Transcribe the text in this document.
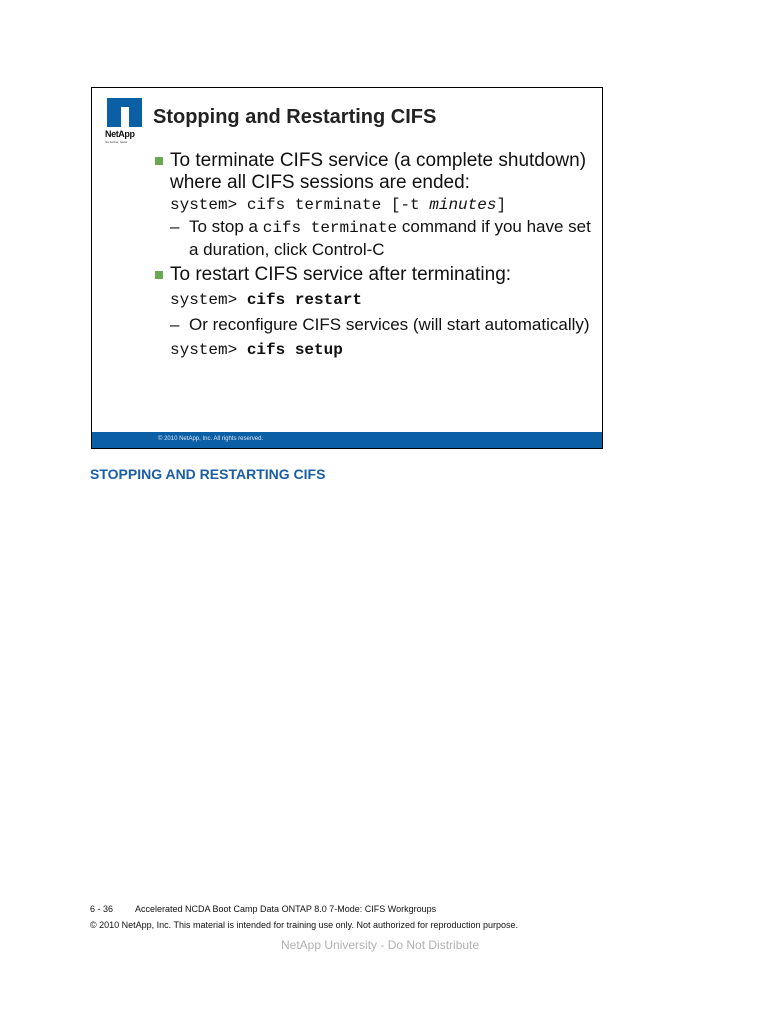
NetApp
Go further, faster
Stopping and Restarting CIFS
To terminate CIFS service (a complete shutdown) where all CIFS sessions are ended:
system> cifs terminate [-t minutes]
– To stop a cifs terminate command if you have set a duration, click Control-C
To restart CIFS service after terminating:
system> cifs restart
– Or reconfigure CIFS services (will start automatically)
system> cifs setup
© 2010 NetApp, Inc. All rights reserved.
STOPPING AND RESTARTING CIFS
6 - 36 Accelerated NCDA Boot Camp Data ONTAP 8.0 7-Mode: CIFS Workgroups
© 2010 NetApp, Inc. This material is intended for training use only. Not authorized for reproduction purpose.
NetApp University - Do Not Distribute
